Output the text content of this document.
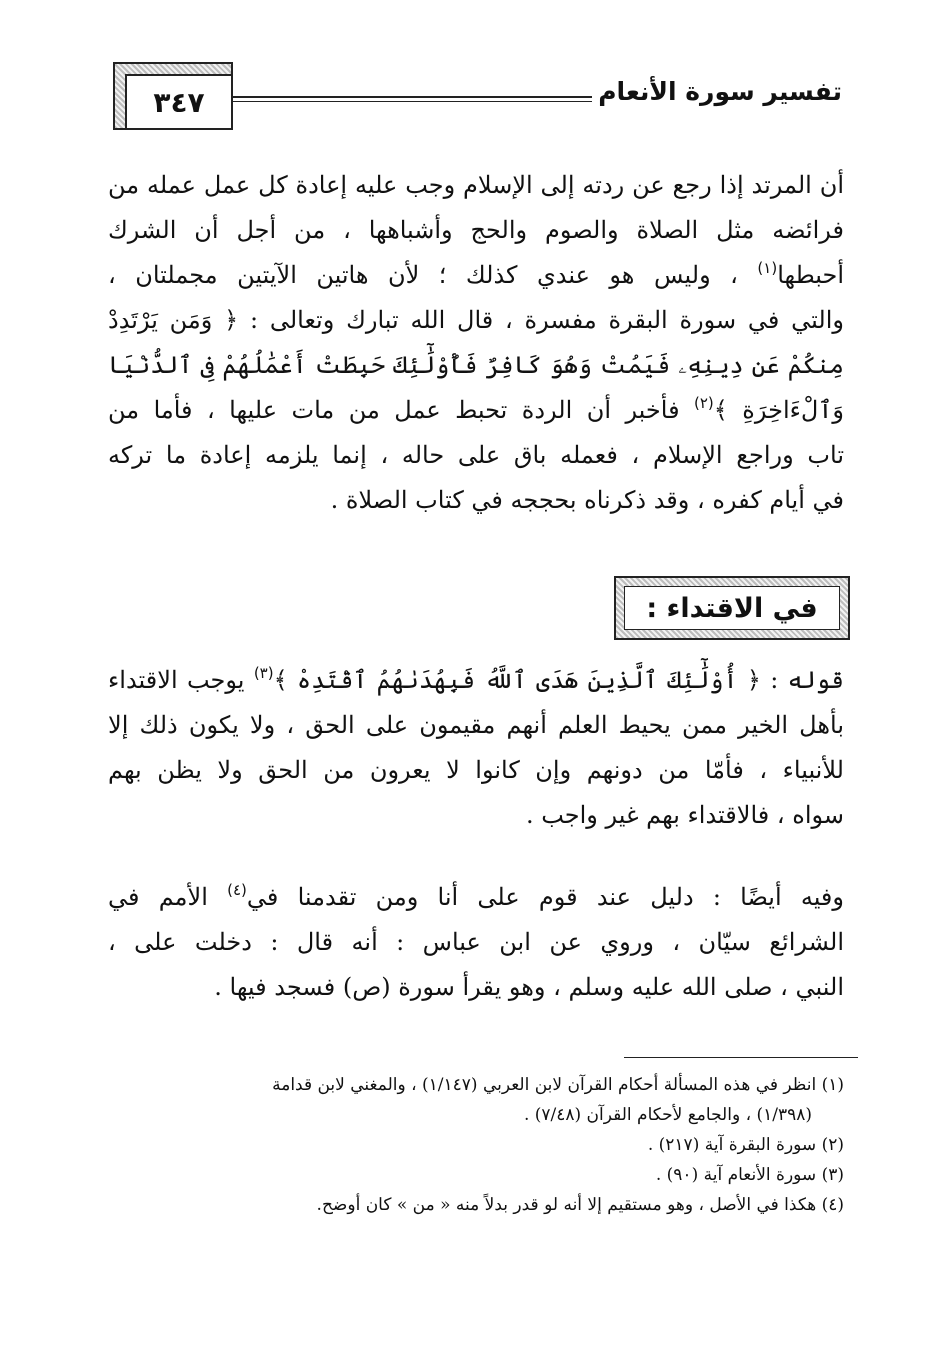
٣٤٧	تفسير سورة الأنعام
أن المرتد إذا رجع عن ردته إلى الإسلام وجب عليه إعادة كل عمل عمله من
فرائضه مثل الصلاة والصوم والحج وأشباهها ، من أجل أن الشرك
أحبطها$^{(١)}$ ، وليس هو عندي كذلك ؛ لأن هاتين الآيتين مجملتان ،
والتي في سورة البقرة مفسرة ، قال الله تبارك وتعالى : ﴿ وَمَن يَرْتَدِدْ
مِنكُمْ عَن دِينِهِۦ فَيَمُتْ وَهُوَ كَافِرٌ فَأُوْلَٰٓئِكَ حَبِطَتْ أَعْمَٰلُهُمْ فِى ٱلدُّنْيَا
وَٱلْءَاخِرَةِ ﴾$^{(٢)}$ فأخبر أن الردة تحبط عمل من مات عليها ، فأما من
تاب وراجع الإسلام ، فعمله باق على حاله ، إنما يلزمه إعادة ما تركه
في أيام كفره ، وقد ذكرناه بحججه في كتاب الصلاة .
في الاقتداء :
قوله : ﴿ أُوْلَٰٓئِكَ ٱلَّذِينَ هَدَى ٱللَّهُ فَبِهُدَىٰهُمُ ٱقْتَدِهْ ﴾$^{(٣)}$ يوجب الاقتداء
بأهل الخير ممن يحيط العلم أنهم مقيمون على الحق ، ولا يكون ذلك إلا
للأنبياء ، فأمّا من دونهم وإن كانوا لا يعرون من الحق ولا يظن بهم
سواه ، فالاقتداء بهم غير واجب .
وفيه أيضًا : دليل عند قوم على أنا ومن تقدمنا في$^{(٤)}$ الأمم في
الشرائع سيّان ، وروي عن ابن عباس : أنه قال : دخلت على ،
النبي ، صلى الله عليه وسلم ، وهو يقرأ سورة (ص) فسجد فيها .
(١) انظر في هذه المسألة أحكام القرآن لابن العربي (١/١٤٧) ، والمغني لابن قدامة
(١/٣٩٨) ، والجامع لأحكام القرآن (٧/٤٨) .
(٢) سورة البقرة آية (٢١٧) .
(٣) سورة الأنعام آية (٩٠) .
(٤) هكذا في الأصل ، وهو مستقيم إلا أنه لو قدر بدلاً منه « من » كان أوضح.
